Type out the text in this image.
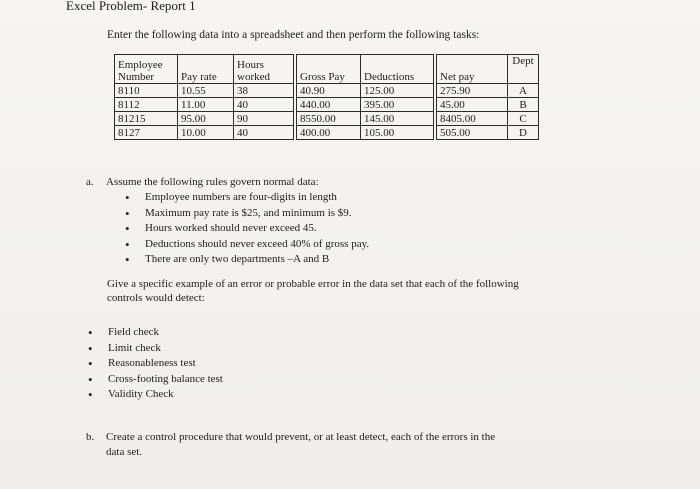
Excel Problem- Report 1
Enter the following data into a spreadsheet and then perform the following tasks:
Employee Number	Pay rate	Hours worked		Gross Pay	Deductions		Net pay	Dept
8110	10.55	38		40.90	125.00		275.90	A
8112	11.00	40		440.00	395.00		45.00	B
81215	95.00	90		8550.00	145.00		8405.00	C
8127	10.00	40		400.00	105.00		505.00	D
a. Assume the following rules govern normal data:
• Employee numbers are four-digits in length
• Maximum pay rate is $25, and minimum is $9.
• Hours worked should never exceed 45.
• Deductions should never exceed 40% of gross pay.
• There are only two departments –A and B
Give a specific example of an error or probable error in the data set that each of the following controls would detect:
• Field check
• Limit check
• Reasonableness test
• Cross-footing balance test
• Validity Check
b. Create a control procedure that would prevent, or at least detect, each of the errors in the
data set.
